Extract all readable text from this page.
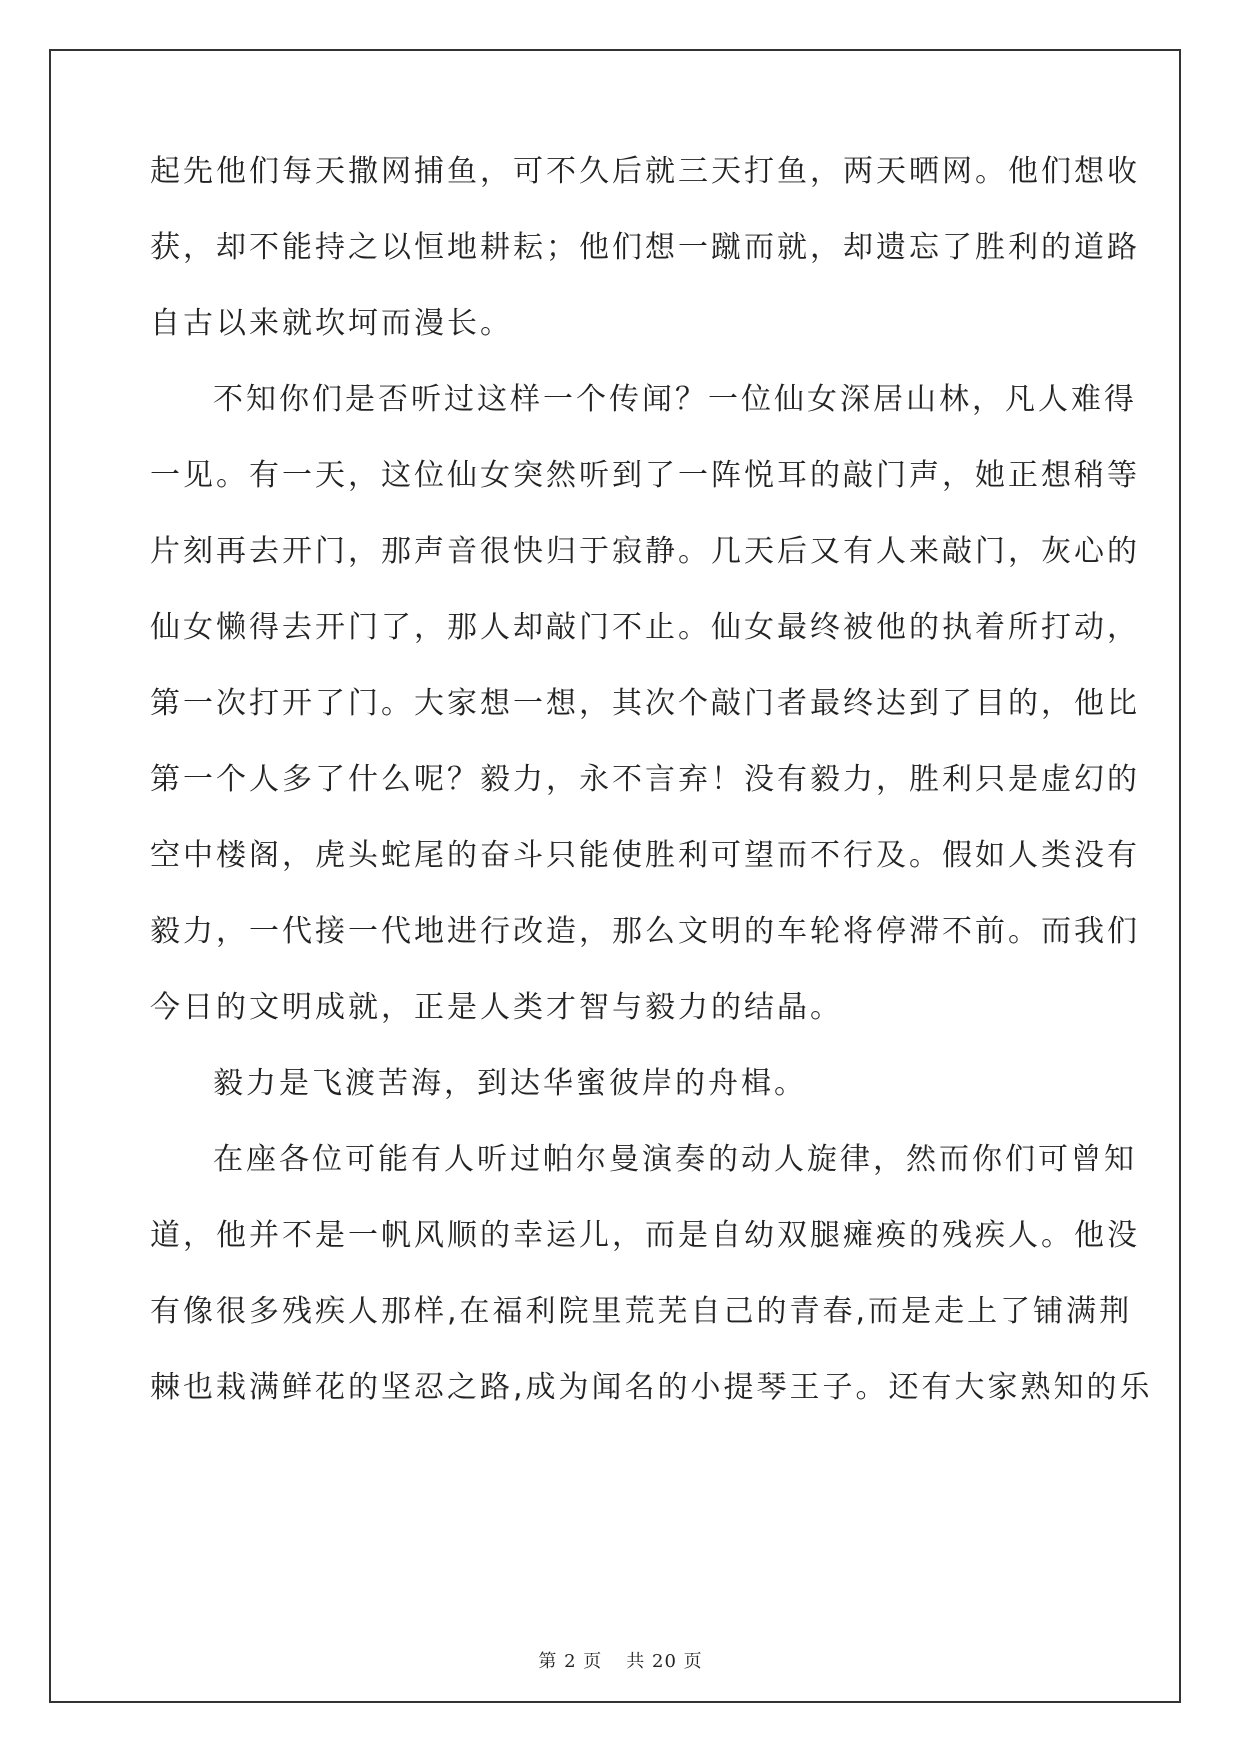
起先他们每天撒网捕鱼，可不久后就三天打鱼，两天晒网。他们想收
获，却不能持之以恒地耕耘；他们想一蹴而就，却遗忘了胜利的道路
自古以来就坎坷而漫长。
不知你们是否听过这样一个传闻？一位仙女深居山林，凡人难得
一见。有一天，这位仙女突然听到了一阵悦耳的敲门声，她正想稍等
片刻再去开门，那声音很快归于寂静。几天后又有人来敲门，灰心的
仙女懒得去开门了，那人却敲门不止。仙女最终被他的执着所打动，
第一次打开了门。大家想一想，其次个敲门者最终达到了目的，他比
第一个人多了什么呢？毅力，永不言弃！没有毅力，胜利只是虚幻的
空中楼阁，虎头蛇尾的奋斗只能使胜利可望而不行及。假如人类没有
毅力，一代接一代地进行改造，那么文明的车轮将停滞不前。而我们
今日的文明成就，正是人类才智与毅力的结晶。
毅力是飞渡苦海，到达华蜜彼岸的舟楫。
在座各位可能有人听过帕尔曼演奏的动人旋律，然而你们可曾知
道，他并不是一帆风顺的幸运儿，而是自幼双腿瘫痪的残疾人。他没
有像很多残疾人那样,在福利院里荒芜自己的青春,而是走上了铺满荆
棘也栽满鲜花的坚忍之路,成为闻名的小提琴王子。还有大家熟知的乐
第 2 页 共 20 页
